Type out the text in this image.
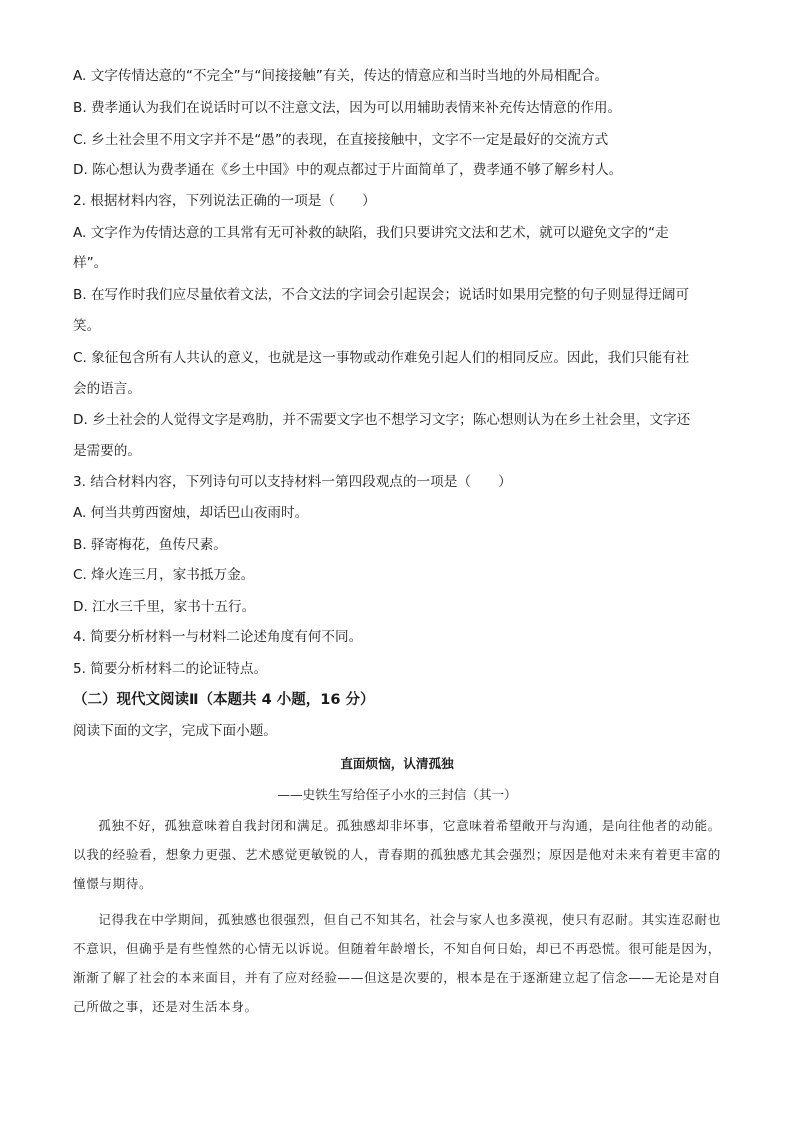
A. 文字传情达意的“不完全”与“间接接触”有关，传达的情意应和当时当地的外局相配合。
B. 费孝通认为我们在说话时可以不注意文法，因为可以用辅助表情来补充传达情意的作用。
C. 乡土社会里不用文字并不是“愚”的表现，在直接接触中，文字不一定是最好的交流方式
D. 陈心想认为费孝通在《乡土中国》中的观点都过于片面简单了，费孝通不够了解乡村人。
2. 根据材料内容，下列说法正确的一项是（　　）
A. 文字作为传情达意的工具常有无可补救的缺陷，我们只要讲究文法和艺术，就可以避免文字的“走
样”。
B. 在写作时我们应尽量依着文法，不合文法的字词会引起误会；说话时如果用完整的句子则显得迂阔可
笑。
C. 象征包含所有人共认的意义，也就是这一事物或动作难免引起人们的相同反应。因此，我们只能有社
会的语言。
D. 乡土社会的人觉得文字是鸡肋，并不需要文字也不想学习文字；陈心想则认为在乡土社会里，文字还
是需要的。
3. 结合材料内容，下列诗句可以支持材料一第四段观点的一项是（　　）
A. 何当共剪西窗烛，却话巴山夜雨时。
B. 驿寄梅花，鱼传尺素。
C. 烽火连三月，家书抵万金。
D. 江水三千里，家书十五行。
4. 简要分析材料一与材料二论述角度有何不同。
5. 简要分析材料二的论证特点。
（二）现代文阅读Ⅱ（本题共 4 小题，16 分）
阅读下面的文字，完成下面小题。
直面烦恼，认清孤独
——史铁生写给侄子小水的三封信（其一）
孤独不好，孤独意味着自我封闭和满足。孤独感却非坏事，它意味着希望敞开与沟通，是向往他者的动能。以我的经验看，想象力更强、艺术感觉更敏锐的人，青春期的孤独感尤其会强烈；原因是他对未来有着更丰富的憧憬与期待。
记得我在中学期间，孤独感也很强烈，但自己不知其名，社会与家人也多漠视，使只有忍耐。其实连忍耐也不意识，但确乎是有些惶然的心情无以诉说。但随着年龄增长，不知自何日始，却已不再恐慌。很可能是因为，渐渐了解了社会的本来面目，并有了应对经验——但这是次要的，根本是在于逐渐建立起了信念——无论是对自己所做之事，还是对生活本身。
